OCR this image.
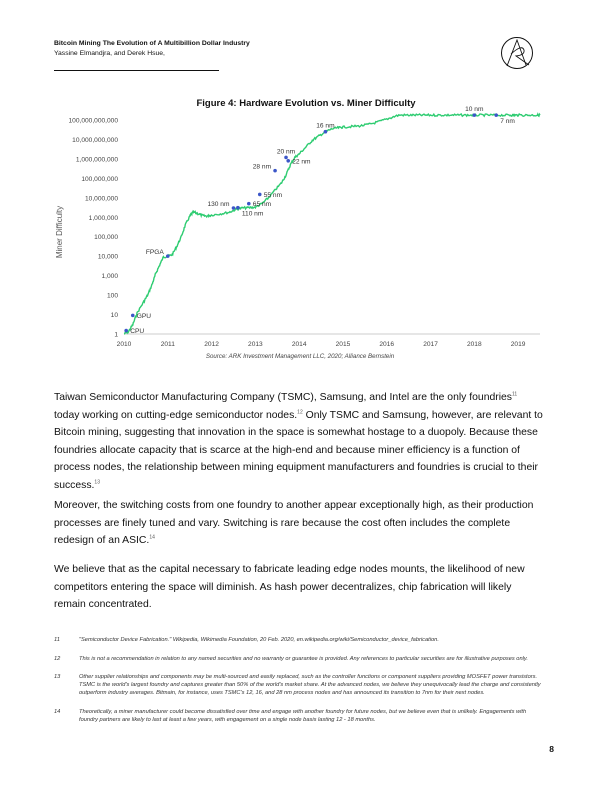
Bitcoin Mining The Evolution of A Multibillion Dollar Industry
Yassine Elmandjra, and Derek Hsue,
Figure 4: Hardware Evolution vs. Miner Difficulty
Miner Difficulty
1
10
100
1,000
10,000
100,000
1,000,000
10,000,000
100,000,000
1,000,000,000
10,000,000,000
100,000,000,000
2010	2011	2012	2013	2014	2015	2016	2017	2018	2019
CPU
GPU
FPGA
130 nm
110 nm
65 nm
55 nm
28 nm
22 nm
20 nm
16 nm
10 nm
7 nm
Source: ARK Investment Management LLC, 2020; Alliance Bernstein

Taiwan Semiconductor Manufacturing Company (TSMC), Samsung, and Intel are the only foundries$^{11}$ today working on cutting-edge semiconductor nodes.$^{12}$ Only TSMC and Samsung, however, are relevant to Bitcoin mining, suggesting that innovation in the space is somewhat hostage to a duopoly. Because these foundries allocate capacity that is scarce at the high-end and because miner efficiency is a function of process nodes, the relationship between mining equipment manufacturers and foundries is crucial to their success.$^{13}$

Moreover, the switching costs from one foundry to another appear exceptionally high, as their production processes are finely tuned and vary. Switching is rare because the cost often includes the complete redesign of an ASIC.$^{14}$

We believe that as the capital necessary to fabricate leading edge nodes mounts, the likelihood of new competitors entering the space will diminish. As hash power decentralizes, chip fabrication will likely remain concentrated.

11	"Semiconductor Device Fabrication." Wikipedia, Wikimedia Foundation, 20 Feb. 2020, en.wikipedia.org/wiki/Semiconductor_device_fabrication.
12	This is not a recommendation in relation to any named securities and no warranty or guarantee is provided. Any references to particular securities are for illustrative purposes only.
13	Other supplier relationships and components may be multi-sourced and easily replaced, such as the controller functions or component suppliers providing MOSFET power transistors. TSMC is the world's largest foundry and captures greater than 50% of the world's market share. At the advanced nodes, we believe they unequivocally lead the charge and consistently outperform industry averages. Bitmain, for instance, uses TSMC's 12, 16, and 28 nm process nodes and has announced its transition to 7nm for their next nodes.
14	Theoretically, a miner manufacturer could become dissatisfied over time and engage with another foundry for future nodes, but we believe even that is unlikely. Engagements with foundry partners are likely to last at least a few years, with engagement on a single node basis lasting 12 - 18 months.
8
